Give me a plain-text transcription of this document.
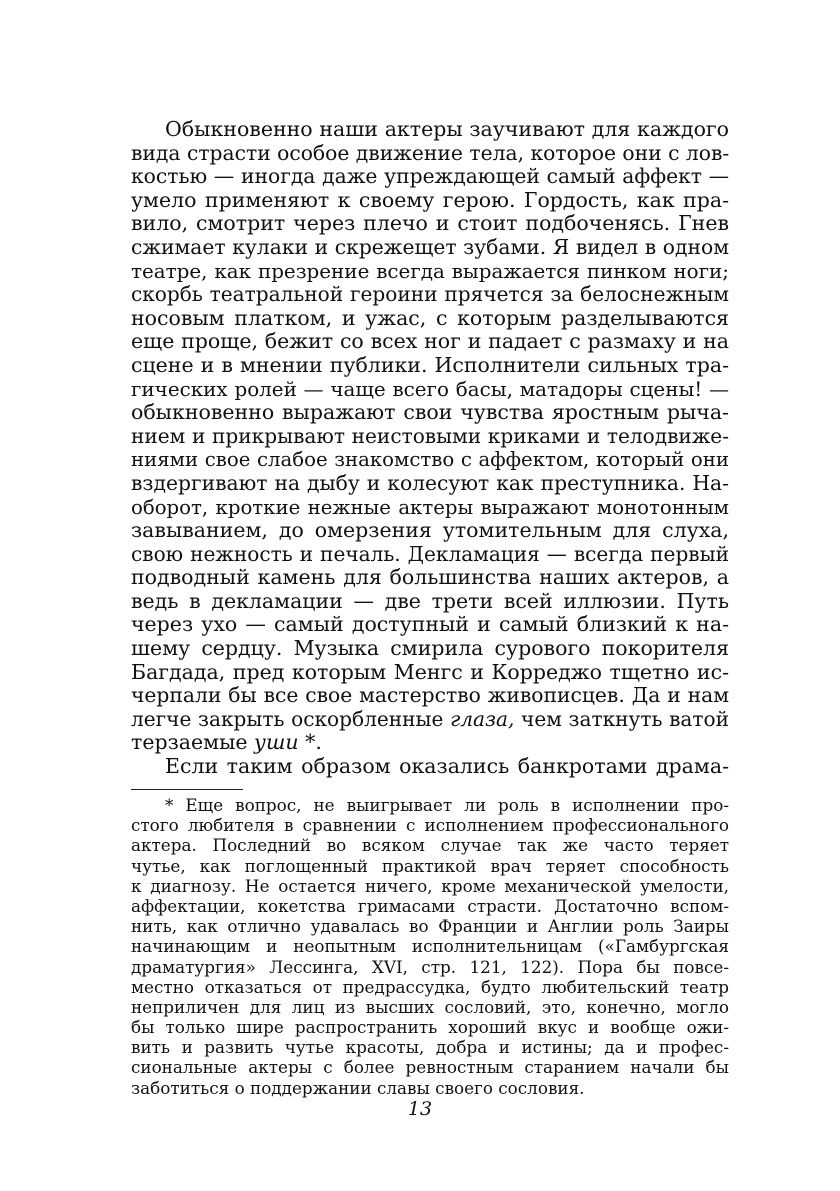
Обыкновенно наши актеры заучивают для каждого
вида страсти особое движение тела, которое они с лов-
костью — иногда даже упреждающей самый аффект —
умело применяют к своему герою. Гордость, как пра-
вило, смотрит через плечо и стоит подбоченясь. Гнев
сжимает кулаки и скрежещет зубами. Я видел в одном
театре, как презрение всегда выражается пинком ноги;
скорбь театральной героини прячется за белоснежным
носовым платком, и ужас, с которым разделываются
еще проще, бежит со всех ног и падает с размаху и на
сцене и в мнении публики. Исполнители сильных тра-
гических ролей — чаще всего басы, матадоры сцены! —
обыкновенно выражают свои чувства яростным рыча-
нием и прикрывают неистовыми криками и телодвиже-
ниями свое слабое знакомство с аффектом, который они
вздергивают на дыбу и колесуют как преступника. На-
оборот, кроткие нежные актеры выражают монотонным
завыванием, до омерзения утомительным для слуха,
свою нежность и печаль. Декламация — всегда первый
подводный камень для большинства наших актеров, а
ведь в декламации — две трети всей иллюзии. Путь
через ухо — самый доступный и самый близкий к на-
шему сердцу. Музыка смирила сурового покорителя
Багдада, пред которым Менгс и Корреджо тщетно ис-
черпали бы все свое мастерство живописцев. Да и нам
легче закрыть оскорбленные глаза, чем заткнуть ватой
терзаемые уши *.
Если таким образом оказались банкротами драма-
* Еще вопрос, не выигрывает ли роль в исполнении про-
стого любителя в сравнении с исполнением профессионального
актера. Последний во всяком случае так же часто теряет
чутье, как поглощенный практикой врач теряет способность
к диагнозу. Не остается ничего, кроме механической умелости,
аффектации, кокетства гримасами страсти. Достаточно вспом-
нить, как отлично удавалась во Франции и Англии роль Заиры
начинающим и неопытным исполнительницам («Гамбургская
драматургия» Лессинга, XVI, стр. 121, 122). Пора бы повсе-
местно отказаться от предрассудка, будто любительский театр
неприличен для лиц из высших сословий, это, конечно, могло
бы только шире распространить хороший вкус и вообще ожи-
вить и развить чутье красоты, добра и истины; да и профес-
сиональные актеры с более ревностным старанием начали бы
заботиться о поддержании славы своего сословия.
13
